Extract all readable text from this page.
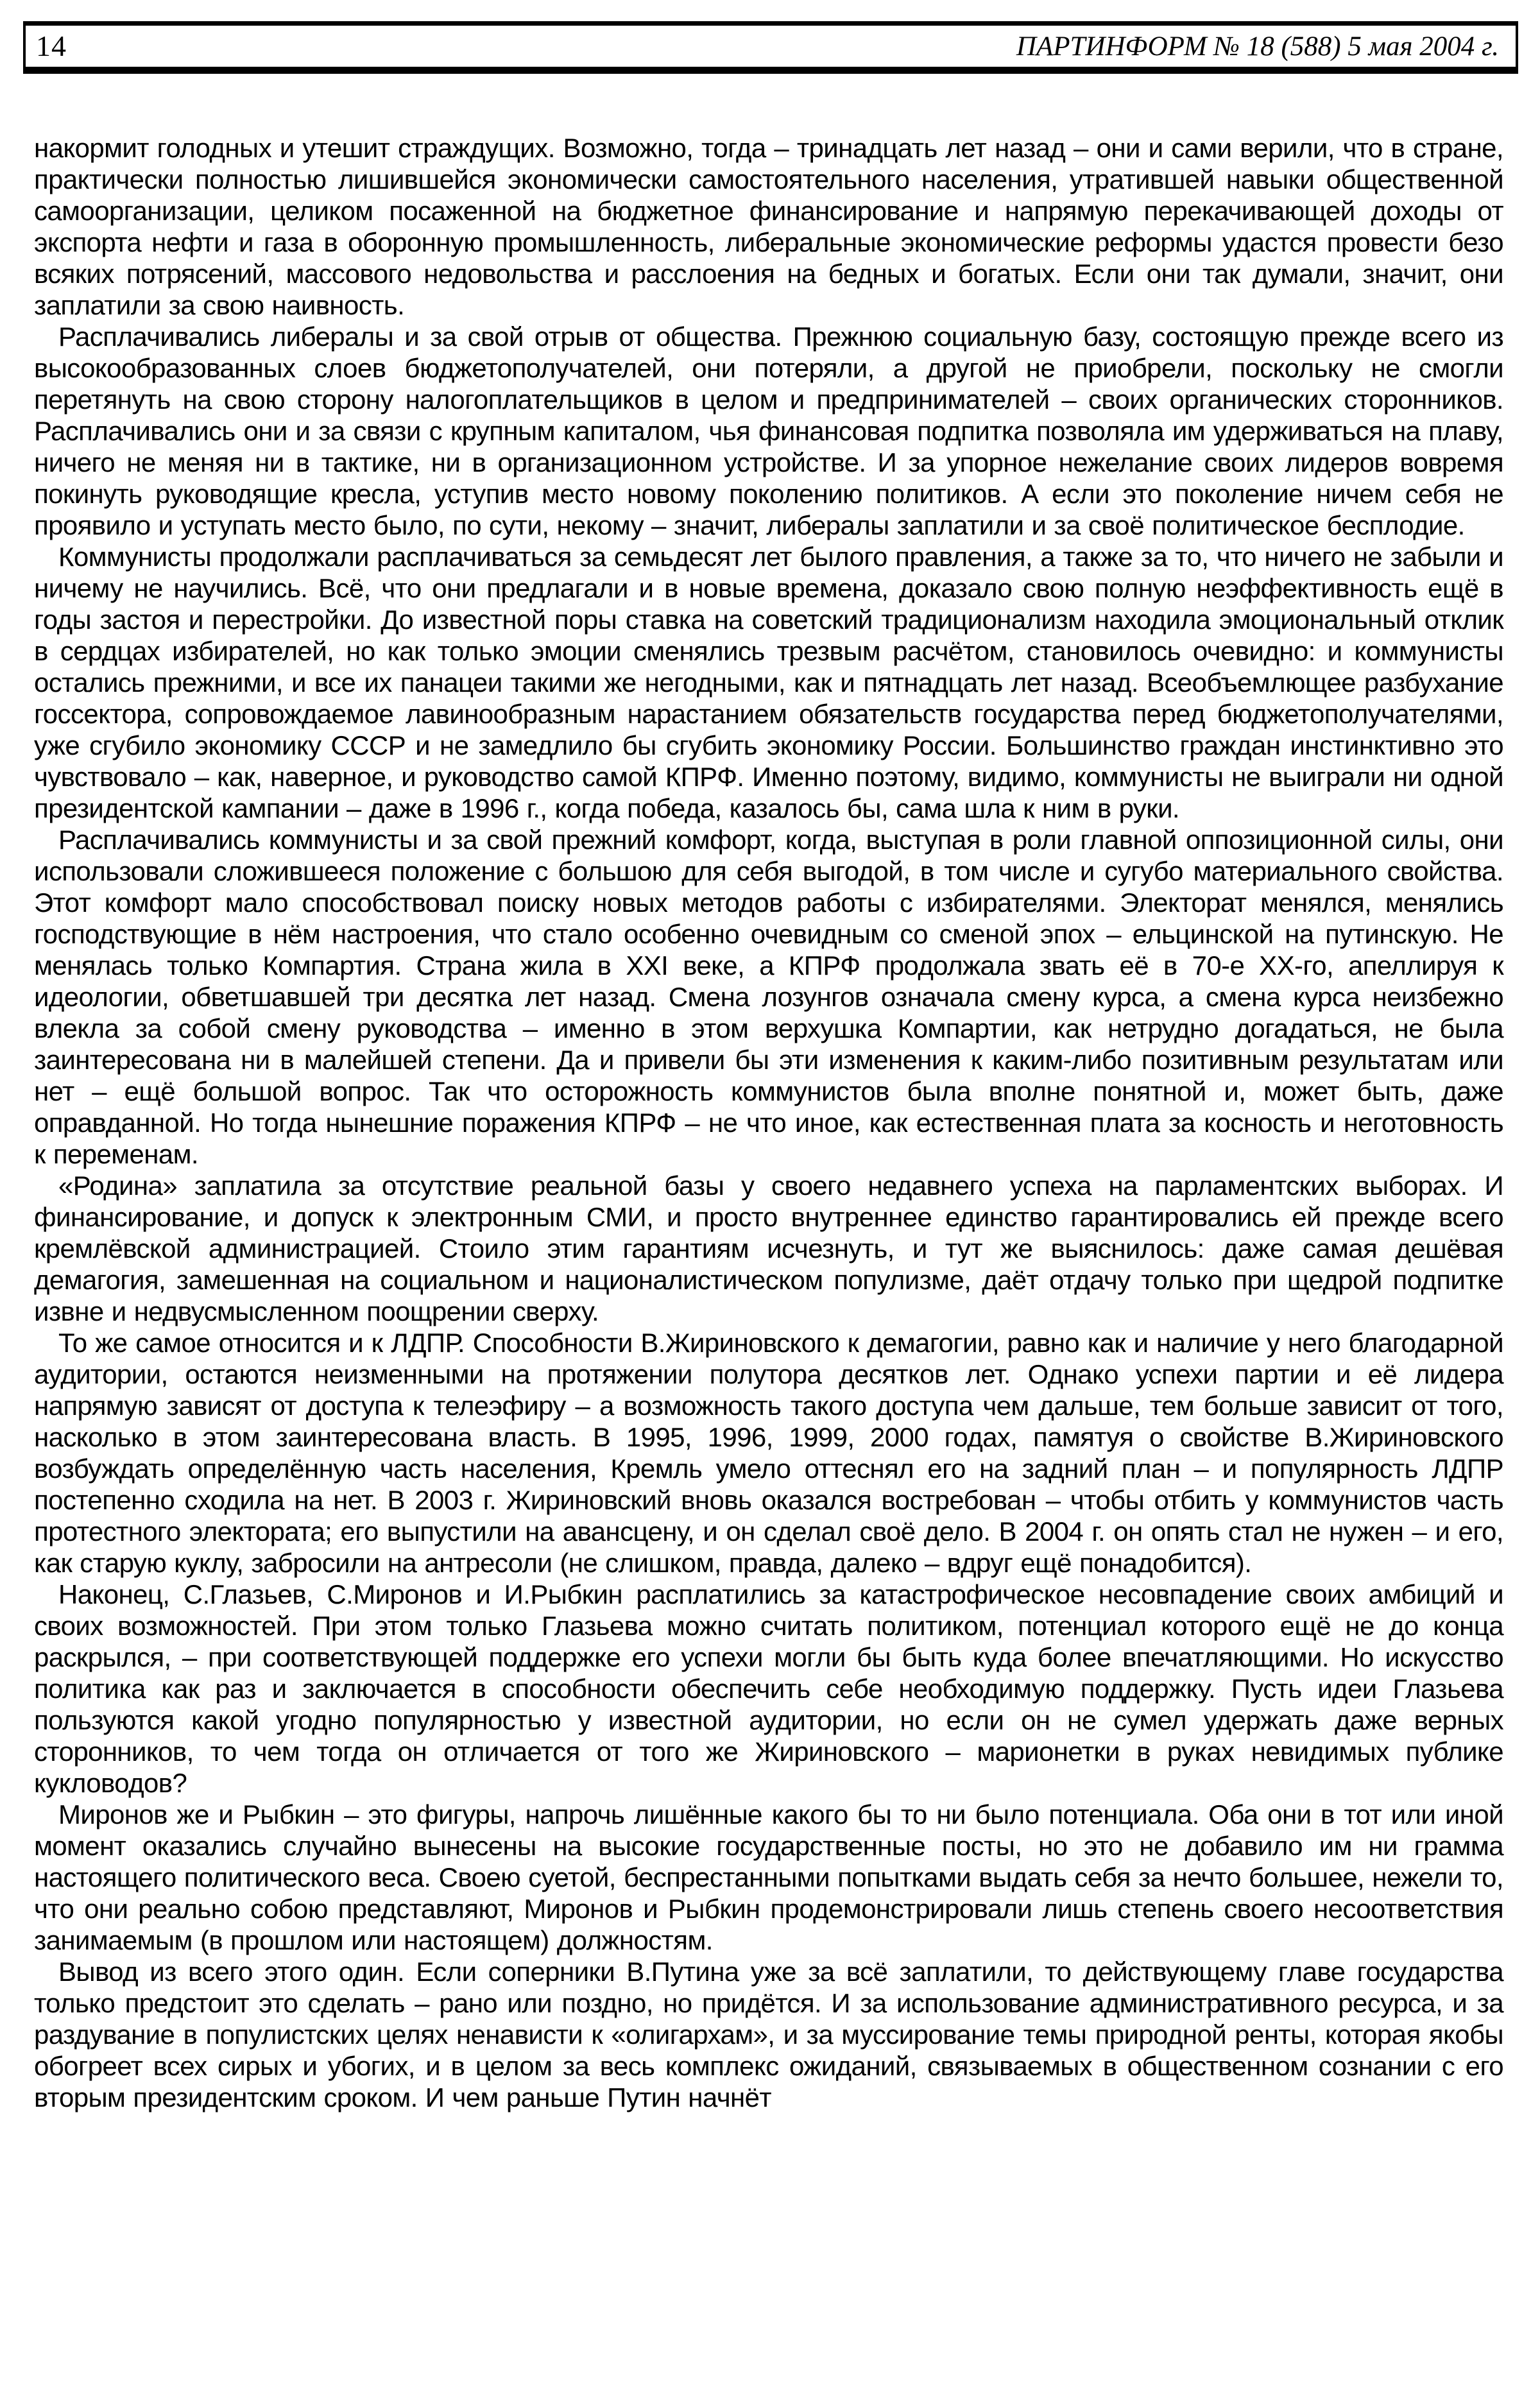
14	ПАРТИНФОРМ № 18 (588) 5 мая 2004 г.

накормит голодных и утешит страждущих. Возможно, тогда – тринадцать лет назад – они и сами верили, что в стране, практически полностью лишившейся экономически самостоятельного населения, утратившей навыки общественной самоорганизации, целиком посаженной на бюджетное финансирование и напрямую перекачивающей доходы от экспорта нефти и газа в оборонную промышленность, либеральные экономические реформы удастся провести безо всяких потрясений, массового недовольства и расслоения на бедных и богатых. Если они так думали, значит, они заплатили за свою наивность.

Расплачивались либералы и за свой отрыв от общества. Прежнюю социальную базу, состоящую прежде всего из высокообразованных слоев бюджетополучателей, они потеряли, а другой не приобрели, поскольку не смогли перетянуть на свою сторону налогоплательщиков в целом и предпринимателей – своих органических сторонников. Расплачивались они и за связи с крупным капиталом, чья финансовая подпитка позволяла им удерживаться на плаву, ничего не меняя ни в тактике, ни в организационном устройстве. И за упорное нежелание своих лидеров вовремя покинуть руководящие кресла, уступив место новому поколению политиков. А если это поколение ничем себя не проявило и уступать место было, по сути, некому – значит, либералы заплатили и за своё политическое бесплодие.

Коммунисты продолжали расплачиваться за семьдесят лет былого правления, а также за то, что ничего не забыли и ничему не научились. Всё, что они предлагали и в новые времена, доказало свою полную неэффективность ещё в годы застоя и перестройки. До известной поры ставка на советский традиционализм находила эмоциональный отклик в сердцах избирателей, но как только эмоции сменялись трезвым расчётом, становилось очевидно: и коммунисты остались прежними, и все их панацеи такими же негодными, как и пятнадцать лет назад. Всеобъемлющее разбухание госсектора, сопровождаемое лавинообразным нарастанием обязательств государства перед бюджетополучателями, уже сгубило экономику СССР и не замедлило бы сгубить экономику России. Большинство граждан инстинктивно это чувствовало – как, наверное, и руководство самой КПРФ. Именно поэтому, видимо, коммунисты не выиграли ни одной президентской кампании – даже в 1996 г., когда победа, казалось бы, сама шла к ним в руки.

Расплачивались коммунисты и за свой прежний комфорт, когда, выступая в роли главной оппозиционной силы, они использовали сложившееся положение с большою для себя выгодой, в том числе и сугубо материального свойства. Этот комфорт мало способствовал поиску новых методов работы с избирателями. Электорат менялся, менялись господствующие в нём настроения, что стало особенно очевидным со сменой эпох – ельцинской на путинскую. Не менялась только Компартия. Страна жила в XXI веке, а КПРФ продолжала звать её в 70-е XX-го, апеллируя к идеологии, обветшавшей три десятка лет назад. Смена лозунгов означала смену курса, а смена курса неизбежно влекла за собой смену руководства – именно в этом верхушка Компартии, как нетрудно догадаться, не была заинтересована ни в малейшей степени. Да и привели бы эти изменения к каким-либо позитивным результатам или нет – ещё большой вопрос. Так что осторожность коммунистов была вполне понятной и, может быть, даже оправданной. Но тогда нынешние поражения КПРФ – не что иное, как естественная плата за косность и неготовность к переменам.

«Родина» заплатила за отсутствие реальной базы у своего недавнего успеха на парламентских выборах. И финансирование, и допуск к электронным СМИ, и просто внутреннее единство гарантировались ей прежде всего кремлёвской администрацией. Стоило этим гарантиям исчезнуть, и тут же выяснилось: даже самая дешёвая демагогия, замешенная на социальном и националистическом популизме, даёт отдачу только при щедрой подпитке извне и недвусмысленном поощрении сверху.

То же самое относится и к ЛДПР. Способности В.Жириновского к демагогии, равно как и наличие у него благодарной аудитории, остаются неизменными на протяжении полутора десятков лет. Однако успехи партии и её лидера напрямую зависят от доступа к телеэфиру – а возможность такого доступа чем дальше, тем больше зависит от того, насколько в этом заинтересована власть. В 1995, 1996, 1999, 2000 годах, памятуя о свойстве В.Жириновского возбуждать определённую часть населения, Кремль умело оттеснял его на задний план – и популярность ЛДПР постепенно сходила на нет. В 2003 г. Жириновский вновь оказался востребован – чтобы отбить у коммунистов часть протестного электората; его выпустили на авансцену, и он сделал своё дело. В 2004 г. он опять стал не нужен – и его, как старую куклу, забросили на антресоли (не слишком, правда, далеко – вдруг ещё понадобится).

Наконец, С.Глазьев, С.Миронов и И.Рыбкин расплатились за катастрофическое несовпадение своих амбиций и своих возможностей. При этом только Глазьева можно считать политиком, потенциал которого ещё не до конца раскрылся, – при соответствующей поддержке его успехи могли бы быть куда более впечатляющими. Но искусство политика как раз и заключается в способности обеспечить себе необходимую поддержку. Пусть идеи Глазьева пользуются какой угодно популярностью у известной аудитории, но если он не сумел удержать даже верных сторонников, то чем тогда он отличается от того же Жириновского – марионетки в руках невидимых публике кукловодов?

Миронов же и Рыбкин – это фигуры, напрочь лишённые какого бы то ни было потенциала. Оба они в тот или иной момент оказались случайно вынесены на высокие государственные посты, но это не добавило им ни грамма настоящего политического веса. Своею суетой, беспрестанными попытками выдать себя за нечто большее, нежели то, что они реально собою представляют, Миронов и Рыбкин продемонстрировали лишь степень своего несоответствия занимаемым (в прошлом или настоящем) должностям.

Вывод из всего этого один. Если соперники В.Путина уже за всё заплатили, то действующему главе государства только предстоит это сделать – рано или поздно, но придётся. И за использование административного ресурса, и за раздувание в популистских целях ненависти к «олигархам», и за муссирование темы природной ренты, которая якобы обогреет всех сирых и убогих, и в целом за весь комплекс ожиданий, связываемых в общественном сознании с его вторым президентским сроком. И чем раньше Путин начнёт
